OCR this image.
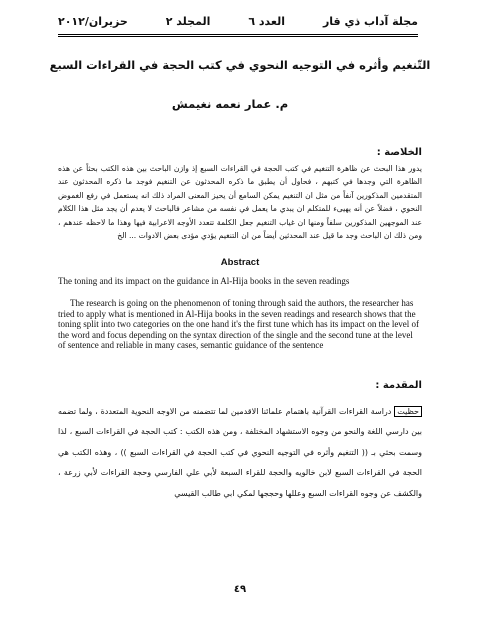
مجلة آداب ذي قار
العدد ٦
المجلد ٢
حزيران/٢٠١٢
التّنغيم وأثره في التوجيه النحوي في كتب الحجة في القراءات السبع
م. عمار نعمه نغيمش
الخلاصة :
يدور هذا البحث عن ظاهرة التنغيم في كتب الحجة في القراءات السبع إذ وازن الباحث بين هذه الكتب بحثاً عن هذه الظاهرة التي وجدها في كتبهم ، فحاول أن يطبق ما ذكره المحدثون عن التنغيم فوجد ما ذكره المحدثون عند المتقدمين المذكورين آنفاً من مثل ان التنغيم يمكن السامع أن يحيز المعنى المراد ذلك انه يستعمل في رفع الغموض النحوي ، فضلاً عن أنه يهيىء للمتكلم ان يبدي ما يعمل في نفسه من مشاعر فالباحث لا يعدم أن يجد مثل هذا الكلام عند الموجهين المذكورين سلفاً ومنها ان غياب التنغيم جعل الكلمة تتعدد الأوجه الاعرابية فيها وهذا ما لاحظه عندهم ، ومن ذلك ان الباحث وجد ما قيل عند المحدثين أيضاً من ان التنغيم يؤدي مؤدى بعض الادوات ... الخ
Abstract
The toning and its impact on the guidance in Al-Hija books in the seven readings
The research is going on the phenomenon of toning through said the authors, the researcher has tried to apply what is mentioned in Al-Hija books in the seven readings and research shows that the toning split into two categories on the one hand it's the first tune which has its impact on the level of the word and focus depending on the syntax direction of the single and the second tune at the level of sentence and reliable in many cases, semantic guidance of the sentence
المقدمة :
حظيت دراسة القراءات القرآنية باهتمام علمائنا الاقدمين لما تتضمنه من الاوجه النحوية المتعددة ، ولما تضمه بين دارسي اللغة والنحو من وجوه الاستشهاد المختلفة ، ومن هذه الكتب : كتب الحجة في القراءات السبع ، لذا وسمت بحثي بـ (( التنغيم وأثره في التوجيه النحوي في كتب الحجة في القراءات السبع )) ، وهذه الكتب هي الحجة في القراءات السبع لابن خالويه والحجة للقراء السبعة لأبي علي الفارسي وحجة القراءات لأبي زرعة ، والكشف عن وجوه القراءات السبع وعللها وحججها لمكي ابي طالب القيسي
٤٩
